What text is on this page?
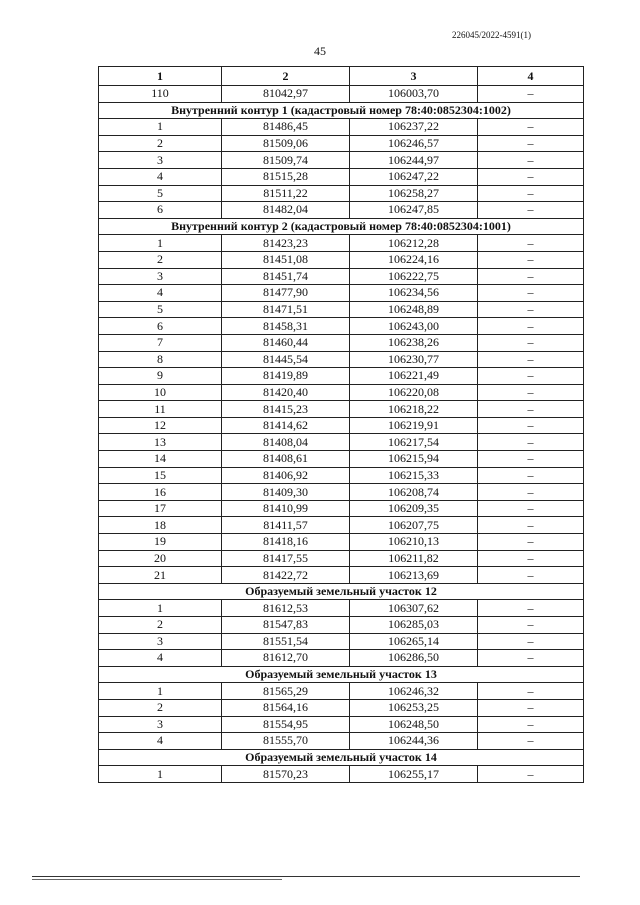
226045/2022-4591(1)
45
1	2	3	4
110	81042,97	106003,70	–
Внутренний контур 1 (кадастровый номер 78:40:0852304:1002)			
1	81486,45	106237,22	–
2	81509,06	106246,57	–
3	81509,74	106244,97	–
4	81515,28	106247,22	–
5	81511,22	106258,27	–
6	81482,04	106247,85	–
Внутренний контур 2 (кадастровый номер 78:40:0852304:1001)			
1	81423,23	106212,28	–
2	81451,08	106224,16	–
3	81451,74	106222,75	–
4	81477,90	106234,56	–
5	81471,51	106248,89	–
6	81458,31	106243,00	–
7	81460,44	106238,26	–
8	81445,54	106230,77	–
9	81419,89	106221,49	–
10	81420,40	106220,08	–
11	81415,23	106218,22	–
12	81414,62	106219,91	–
13	81408,04	106217,54	–
14	81408,61	106215,94	–
15	81406,92	106215,33	–
16	81409,30	106208,74	–
17	81410,99	106209,35	–
18	81411,57	106207,75	–
19	81418,16	106210,13	–
20	81417,55	106211,82	–
21	81422,72	106213,69	–
Образуемый земельный участок 12			
1	81612,53	106307,62	–
2	81547,83	106285,03	–
3	81551,54	106265,14	–
4	81612,70	106286,50	–
Образуемый земельный участок 13			
1	81565,29	106246,32	–
2	81564,16	106253,25	–
3	81554,95	106248,50	–
4	81555,70	106244,36	–
Образуемый земельный участок 14			
1	81570,23	106255,17	–
